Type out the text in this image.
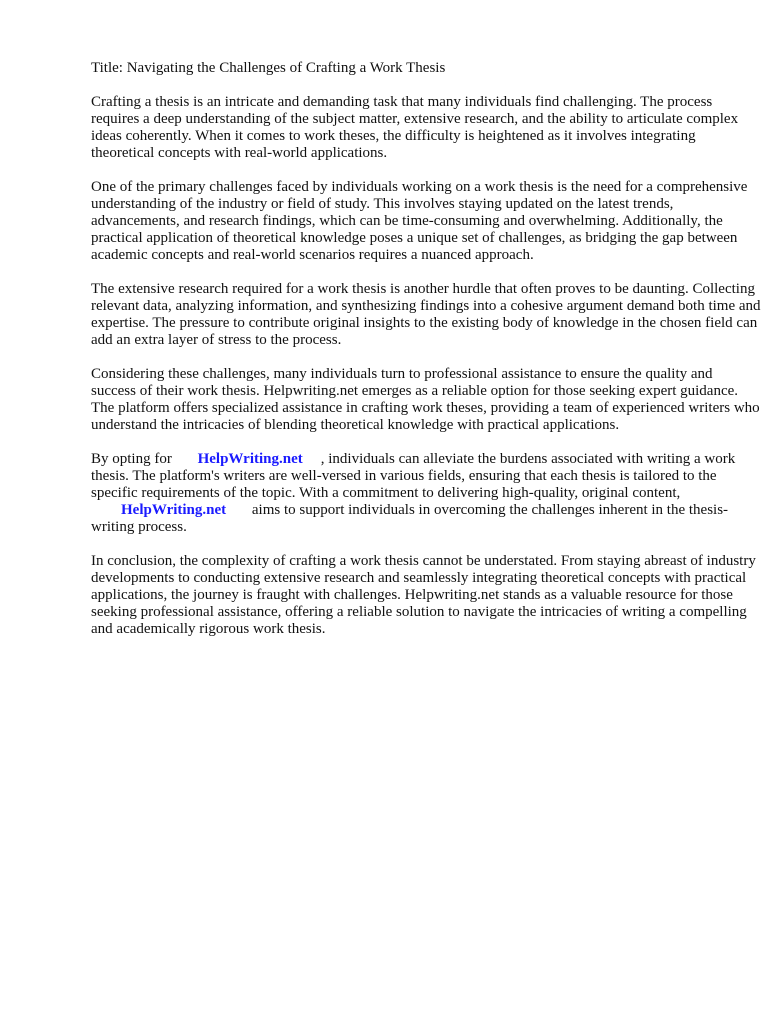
Title: Navigating the Challenges of Crafting a Work Thesis

Crafting a thesis is an intricate and demanding task that many individuals find challenging. The process requires a deep understanding of the subject matter, extensive research, and the ability to articulate complex ideas coherently. When it comes to work theses, the difficulty is heightened as it involves integrating theoretical concepts with real-world applications.

One of the primary challenges faced by individuals working on a work thesis is the need for a comprehensive understanding of the industry or field of study. This involves staying updated on the latest trends, advancements, and research findings, which can be time-consuming and overwhelming. Additionally, the practical application of theoretical knowledge poses a unique set of challenges, as bridging the gap between academic concepts and real-world scenarios requires a nuanced approach.

The extensive research required for a work thesis is another hurdle that often proves to be daunting. Collecting relevant data, analyzing information, and synthesizing findings into a cohesive argument demand both time and expertise. The pressure to contribute original insights to the existing body of knowledge in the chosen field can add an extra layer of stress to the process.

Considering these challenges, many individuals turn to professional assistance to ensure the quality and success of their work thesis. Helpwriting.net emerges as a reliable option for those seeking expert guidance. The platform offers specialized assistance in crafting work theses, providing a team of experienced writers who understand the intricacies of blending theoretical knowledge with practical applications.

By opting for HelpWriting.net , individuals can alleviate the burdens associated with writing a work thesis. The platform's writers are well-versed in various fields, ensuring that each thesis is tailored to the specific requirements of the topic. With a commitment to delivering high-quality, original content, HelpWriting.net aims to support individuals in overcoming the challenges inherent in the thesis-writing process.

In conclusion, the complexity of crafting a work thesis cannot be understated. From staying abreast of industry developments to conducting extensive research and seamlessly integrating theoretical concepts with practical applications, the journey is fraught with challenges. Helpwriting.net stands as a valuable resource for those seeking professional assistance, offering a reliable solution to navigate the intricacies of writing a compelling and academically rigorous work thesis.
